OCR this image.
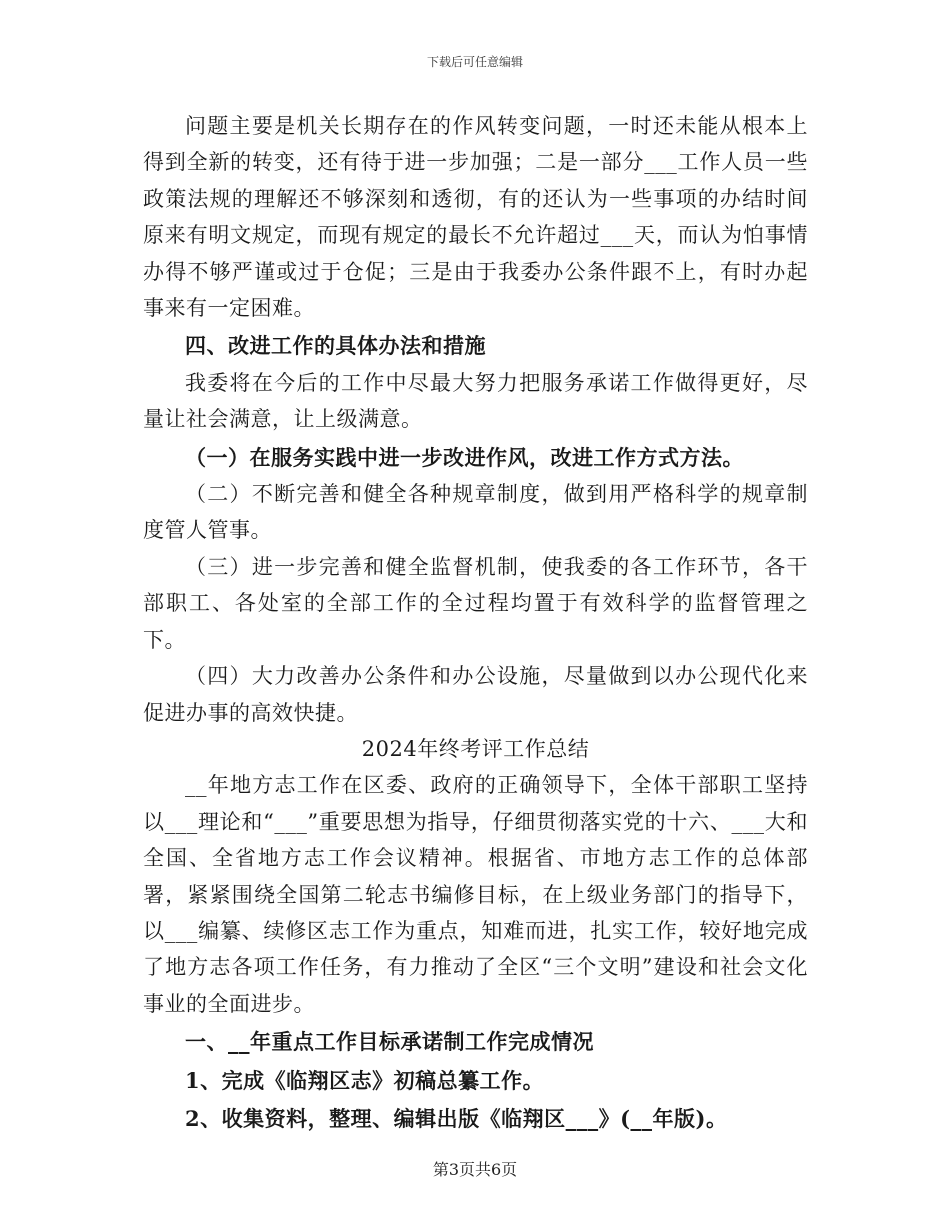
下载后可任意编辑

问题主要是机关长期存在的作风转变问题，一时还未能从根本上得到全新的转变，还有待于进一步加强；二是一部分___工作人员一些政策法规的理解还不够深刻和透彻，有的还认为一些事项的办结时间原来有明文规定，而现有规定的最长不允许超过___天，而认为怕事情办得不够严谨或过于仓促；三是由于我委办公条件跟不上，有时办起事来有一定困难。

四、改进工作的具体办法和措施

我委将在今后的工作中尽最大努力把服务承诺工作做得更好，尽量让社会满意，让上级满意。

（一）在服务实践中进一步改进作风，改进工作方式方法。

（二）不断完善和健全各种规章制度，做到用严格科学的规章制度管人管事。

（三）进一步完善和健全监督机制，使我委的各工作环节，各干部职工、各处室的全部工作的全过程均置于有效科学的监督管理之下。

（四）大力改善办公条件和办公设施，尽量做到以办公现代化来促进办事的高效快捷。

2024年终考评工作总结

__年地方志工作在区委、政府的正确领导下，全体干部职工坚持以___理论和“___”重要思想为指导，仔细贯彻落实党的十六、___大和全国、全省地方志工作会议精神。根据省、市地方志工作的总体部署，紧紧围绕全国第二轮志书编修目标，在上级业务部门的指导下，以___编纂、续修区志工作为重点，知难而进，扎实工作，较好地完成了地方志各项工作任务，有力推动了全区“三个文明”建设和社会文化事业的全面进步。

一、__年重点工作目标承诺制工作完成情况

1、完成《临翔区志》初稿总纂工作。

2、收集资料，整理、编辑出版《临翔区___》(__年版)。

第3页共6页
